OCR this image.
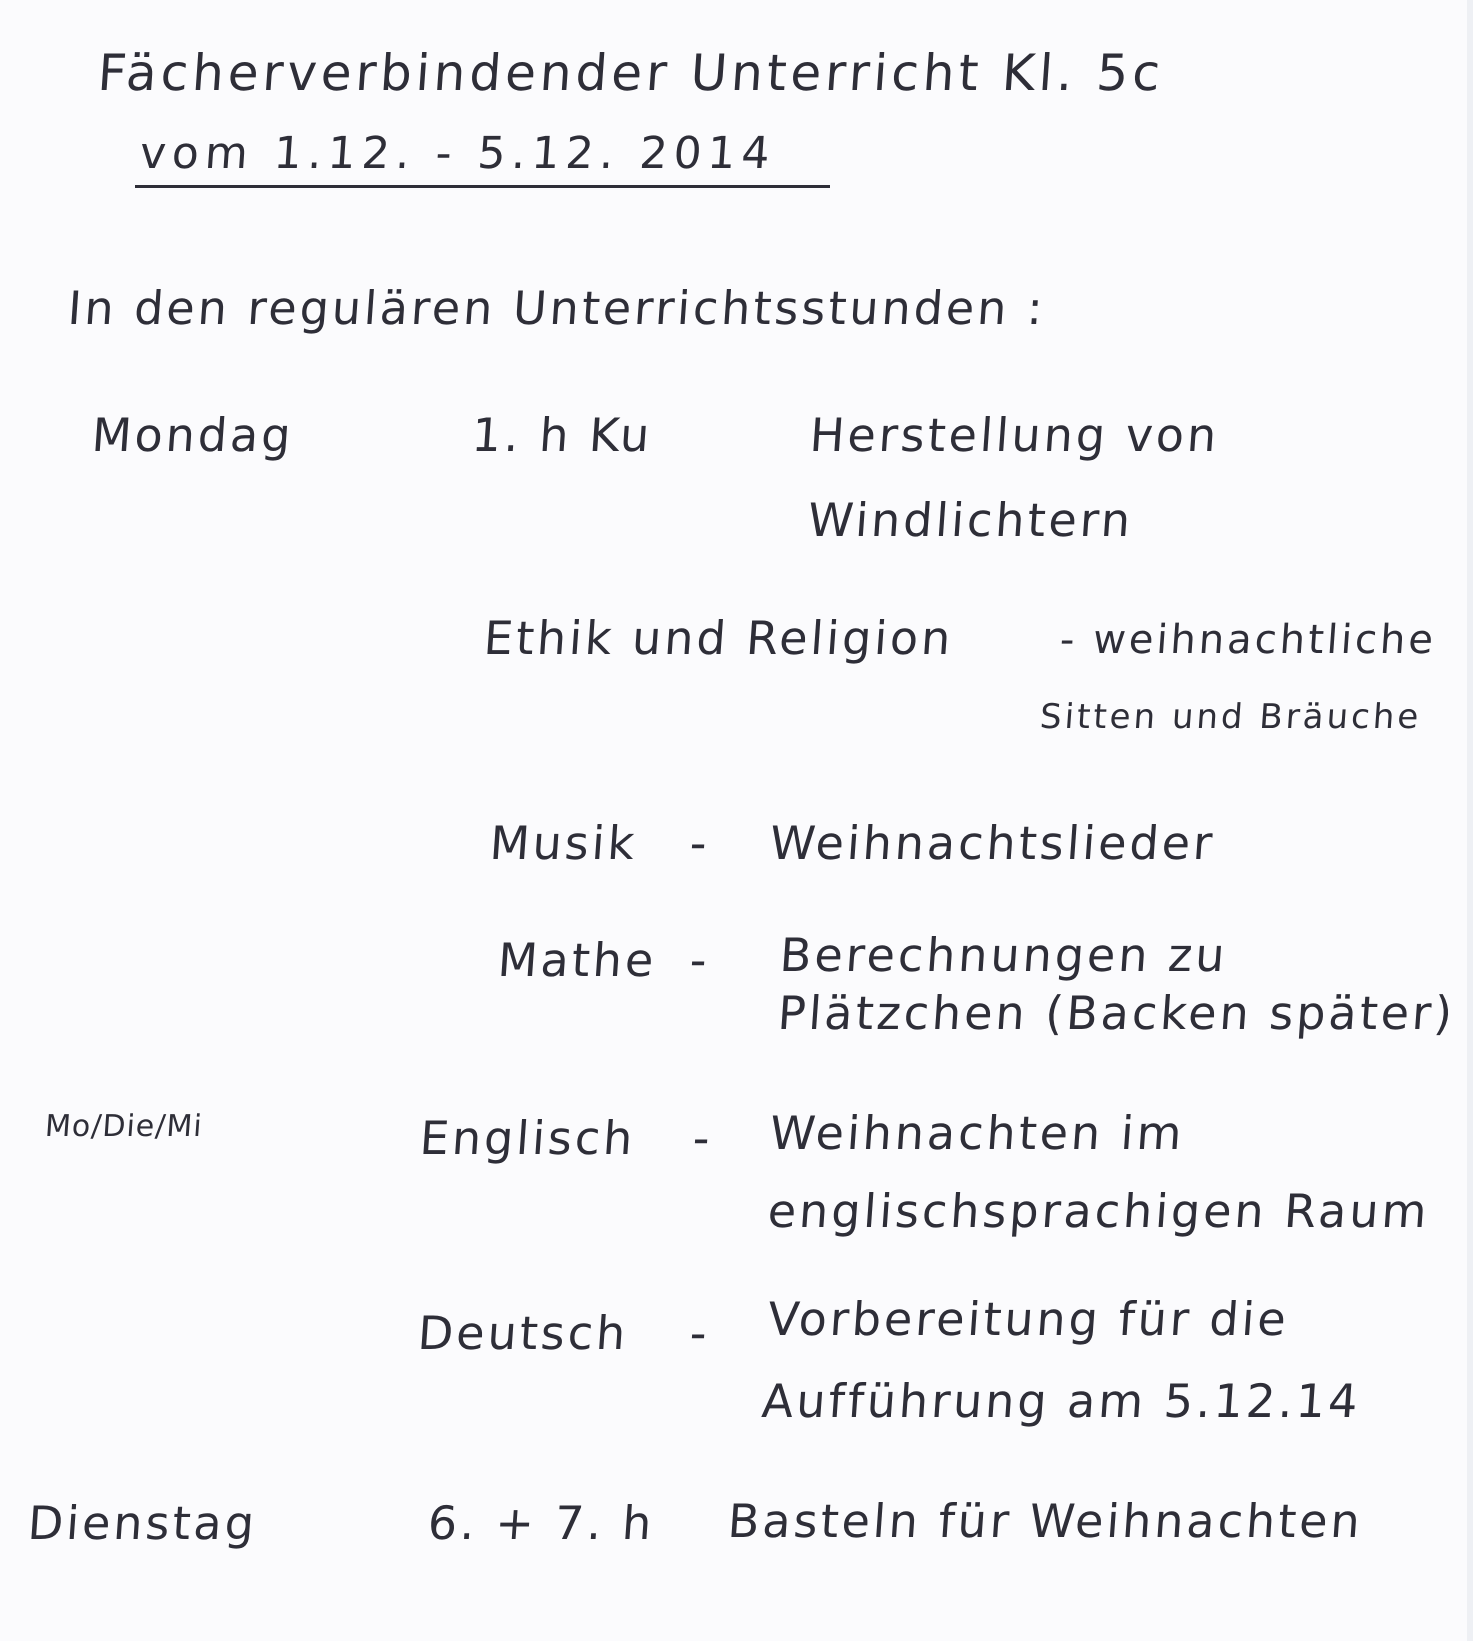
Fächerverbindender Unterricht Kl. 5c
vom 1.12. - 5.12. 2014
In den regulären Unterrichtsstunden :
Mondag	1. h Ku	Herstellung von
Windlichtern
Ethik und Religion	- weihnachtliche
Sitten und Bräuche
Musik - Weihnachtslieder
Mathe - Berechnungen zu
Plätzchen (Backen später)
Mo/Die/Mi	Englisch - Weihnachten im
englischsprachigen Raum
Deutsch - Vorbereitung für die
Aufführung am 5.12.14
Dienstag	6. + 7. h Basteln für Weihnachten
